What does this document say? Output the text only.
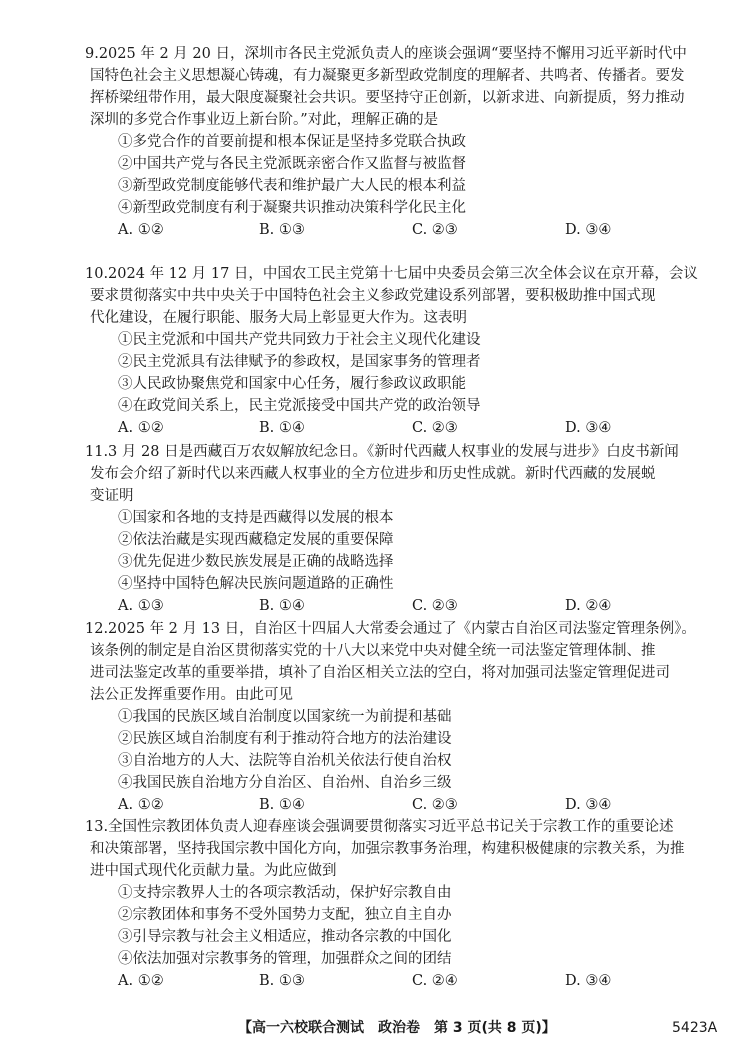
9.2025 年 2 月 20 日，深圳市各民主党派负责人的座谈会强调“要坚持不懈用习近平新时代中
国特色社会主义思想凝心铸魂，有力凝聚更多新型政党制度的理解者、共鸣者、传播者。要发
挥桥梁纽带作用，最大限度凝聚社会共识。要坚持守正创新，以新求进、向新提质，努力推动
深圳的多党合作事业迈上新台阶。”对此，理解正确的是
①多党合作的首要前提和根本保证是坚持多党联合执政
②中国共产党与各民主党派既亲密合作又监督与被监督
③新型政党制度能够代表和维护最广大人民的根本利益
④新型政党制度有利于凝聚共识推动决策科学化民主化
A. ①②	B. ①③	C. ②③	D. ③④
10.2024 年 12 月 17 日，中国农工民主党第十七届中央委员会第三次全体会议在京开幕，会议
要求贯彻落实中共中央关于中国特色社会主义参政党建设系列部署，要积极助推中国式现
代化建设，在履行职能、服务大局上彰显更大作为。这表明
①民主党派和中国共产党共同致力于社会主义现代化建设
②民主党派具有法律赋予的参政权，是国家事务的管理者
③人民政协聚焦党和国家中心任务，履行参政议政职能
④在政党间关系上，民主党派接受中国共产党的政治领导
A. ①②	B. ①④	C. ②③	D. ③④
11.3 月 28 日是西藏百万农奴解放纪念日。《新时代西藏人权事业的发展与进步》白皮书新闻
发布会介绍了新时代以来西藏人权事业的全方位进步和历史性成就。新时代西藏的发展蜕
变证明
①国家和各地的支持是西藏得以发展的根本
②依法治藏是实现西藏稳定发展的重要保障
③优先促进少数民族发展是正确的战略选择
④坚持中国特色解决民族问题道路的正确性
A. ①③	B. ①④	C. ②③	D. ②④
12.2025 年 2 月 13 日，自治区十四届人大常委会通过了《内蒙古自治区司法鉴定管理条例》。
该条例的制定是自治区贯彻落实党的十八大以来党中央对健全统一司法鉴定管理体制、推
进司法鉴定改革的重要举措，填补了自治区相关立法的空白，将对加强司法鉴定管理促进司
法公正发挥重要作用。由此可见
①我国的民族区域自治制度以国家统一为前提和基础
②民族区域自治制度有利于推动符合地方的法治建设
③自治地方的人大、法院等自治机关依法行使自治权
④我国民族自治地方分自治区、自治州、自治乡三级
A. ①②	B. ①④	C. ②③	D. ③④
13.全国性宗教团体负责人迎春座谈会强调要贯彻落实习近平总书记关于宗教工作的重要论述
和决策部署，坚持我国宗教中国化方向，加强宗教事务治理，构建积极健康的宗教关系，为推
进中国式现代化贡献力量。为此应做到
①支持宗教界人士的各项宗教活动，保护好宗教自由
②宗教团体和事务不受外国势力支配，独立自主自办
③引导宗教与社会主义相适应，推动各宗教的中国化
④依法加强对宗教事务的管理，加强群众之间的团结
A. ①②	B. ①③	C. ②④	D. ③④
【高一六校联合测试　政治卷　第 3 页(共 8 页)】	5423A
